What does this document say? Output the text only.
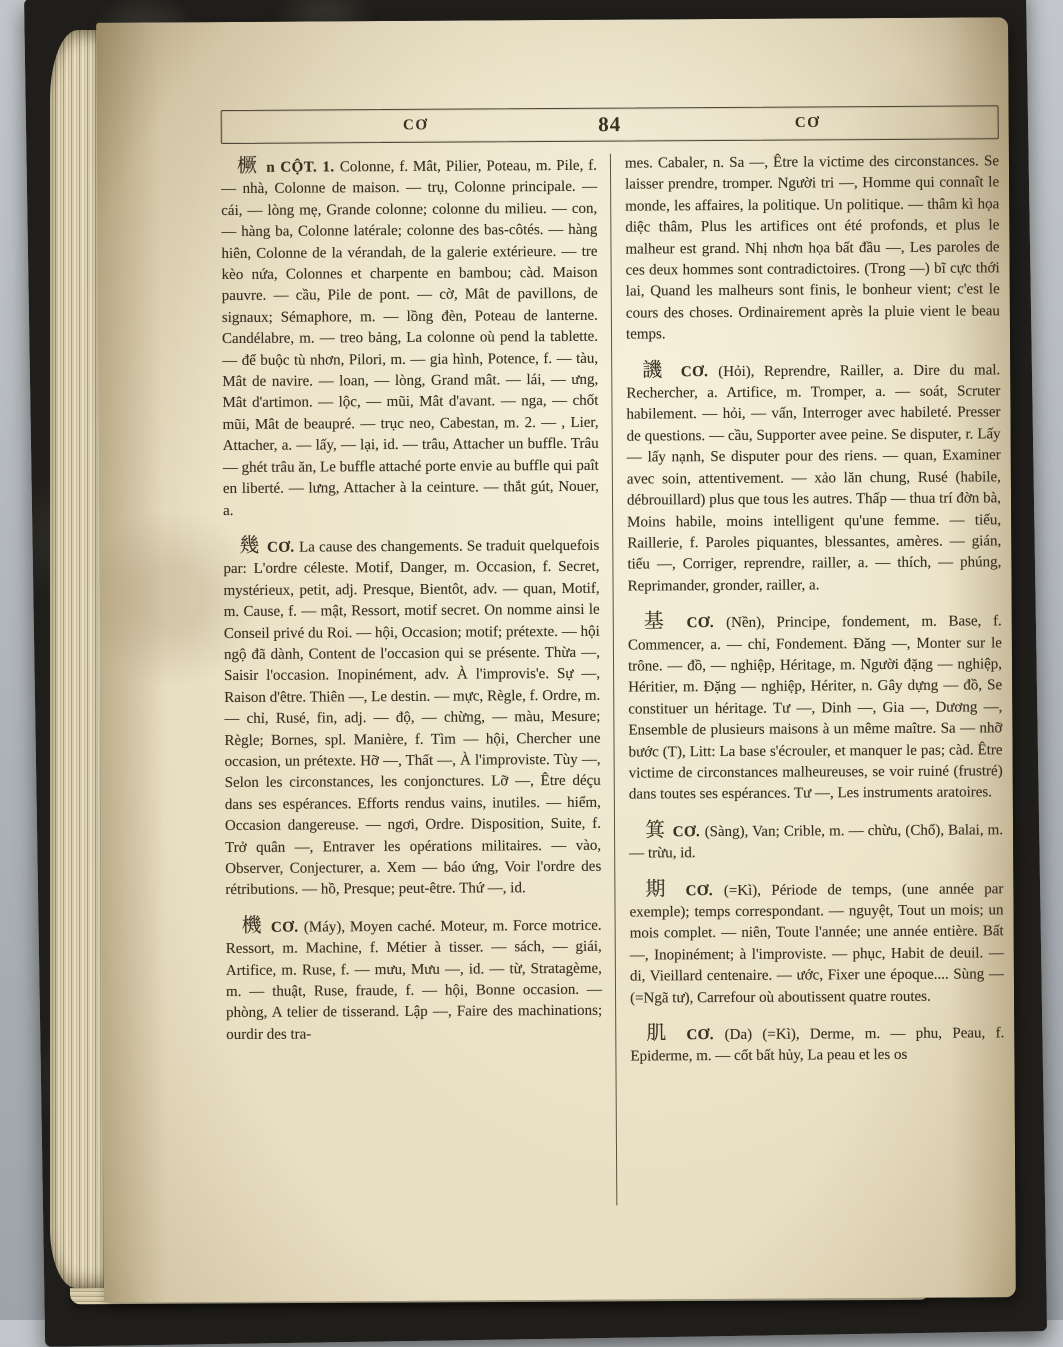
CƠ	84	CƠ

橛 n CỘT. 1. Colonne, f. Mât, Pilier, Poteau, m. Pile, f. — nhà, Colonne de maison. — trụ, Colonne principale. — cái, — lòng mẹ, Grande colonne; colonne du milieu. — con, — hàng ba, Colonne latérale; colonne des bas-côtés. — hàng hiên, Colonne de la vérandah, de la galerie extérieure. — tre kèo nứa, Colonnes et charpente en bambou; càd. Maison pauvre. — cầu, Pile de pont. — cờ, Mât de pavillons, de signaux; Sémaphore, m. — lồng đèn, Poteau de lanterne. Candélabre, m. — treo bảng, La colonne où pend la tablette. — để buộc tù nhơn, Pilori, m. — gia hình, Potence, f. — tàu, Mât de navire. — loan, — lòng, Grand mât. — lái, — ưng, Mât d'artimon. — lộc, — mũi, Mât d'avant. — nga, — chốt mũi, Mât de beaupré. — trục neo, Cabestan, m. 2. — , Lier, Attacher, a. — lấy, — lại, id. — trâu, Attacher un buffle. Trâu — ghét trâu ăn, Le buffle attaché porte envie au buffle qui paît en liberté. — lưng, Attacher à la ceinture. — thắt gút, Nouer, a.

幾 CƠ. La cause des changements. Se traduit quelquefois par: L'ordre céleste. Motif, Danger, m. Occasion, f. Secret, mystérieux, petit, adj. Presque, Bientôt, adv. — quan, Motif, m. Cause, f. — mật, Ressort, motif secret. On nomme ainsi le Conseil privé du Roi. — hội, Occasion; motif; prétexte. — hội ngộ đã dành, Content de l'occasion qui se présente. Thừa —, Saisir l'occasion. Inopinément, adv. À l'improvis'e. Sự —, Raison d'être. Thiên —, Le destin. — mực, Règle, f. Ordre, m. — chỉ, Rusé, fin, adj. — độ, — chừng, — màu, Mesure; Règle; Bornes, spl. Manière, f. Tìm — hội, Chercher une occasion, un prétexte. Hỡ —, Thất —, À l'improviste. Tùy —, Selon les circonstances, les conjonctures. Lỡ —, Être déçu dans ses espérances. Efforts rendus vains, inutiles. — hiểm, Occasion dangereuse. — ngơi, Ordre. Disposition, Suite, f. Trở quân —, Entraver les opérations militaires. — vào, Observer, Conjecturer, a. Xem — báo ứng, Voir l'ordre des rétributions. — hồ, Presque; peut-être. Thứ —, id.

機 CƠ. (Máy), Moyen caché. Moteur, m. Force motrice. Ressort, m. Machine, f. Métier à tisser. — sách, — giái, Artifice, m. Ruse, f. — mưu, Mưu —, id. — từ, Stratagème, m. — thuật, Ruse, fraude, f. — hội, Bonne occasion. — phòng, A telier de tisserand. Lập —, Faire des machinations; ourdir des tra-

mes. Cabaler, n. Sa —, Être la victime des circonstances. Se laisser prendre, tromper. Người tri —, Homme qui connaît le monde, les affaires, la politique. Un politique. — thâm kì họa diệc thâm, Plus les artifices ont été profonds, et plus le malheur est grand. Nhị nhơn họa bất đầu —, Les paroles de ces deux hommes sont contradictoires. (Trong —) bĩ cực thới lai, Quand les malheurs sont finis, le bonheur vient; c'est le cours des choses. Ordinairement après la pluie vient le beau temps.

譏 CƠ. (Hỏi), Reprendre, Railler, a. Dire du mal. Rechercher, a. Artifice, m. Tromper, a. — soát, Scruter habilement. — hỏi, — vấn, Interroger avec habileté. Presser de questions. — cầu, Supporter avee peine. Se disputer, r. Lấy — lấy nạnh, Se disputer pour des riens. — quan, Examiner avec soin, attentivement. — xảo lăn chung, Rusé (habile, débrouillard) plus que tous les autres. Thấp — thua trí đờn bà, Moins habile, moins intelligent qu'une femme. — tiếu, Raillerie, f. Paroles piquantes, blessantes, amères. — gián, tiếu —, Corriger, reprendre, railler, a. — thích, — phúng, Reprimander, gronder, railler, a.

基 CƠ. (Nền), Principe, fondement, m. Base, f. Commencer, a. — chỉ, Fondement. Đăng —, Monter sur le trône. — đồ, — nghiệp, Héritage, m. Người đặng — nghiệp, Héritier, m. Đặng — nghiệp, Hériter, n. Gây dựng — đồ, Se constituer un héritage. Tư —, Dinh —, Gia —, Dương —, Ensemble de plusieurs maisons à un même maître. Sa — nhỡ bước (T), Litt: La base s'écrouler, et manquer le pas; càd. Être victime de circonstances malheureuses, se voir ruiné (frustré) dans toutes ses espérances. Tư —, Les instruments aratoires.

箕 CƠ. (Sàng), Van; Crible, m. — chừu, (Chổ), Balai, m. — trừu, id.

期 CƠ. (=Kì), Période de temps, (une année par exemple); temps correspondant. — nguyệt, Tout un mois; un mois complet. — niên, Toute l'année; une année entière. Bất —, Inopinément; à l'improviste. — phục, Habit de deuil. — di, Vieillard centenaire. — ước, Fixer une époque.... Sùng — (=Ngã tư), Carrefour où aboutissent quatre routes.

肌 CƠ. (Da) (=Kì), Derme, m. — phu, Peau, f. Epiderme, m. — cốt bất hủy, La peau et les os
